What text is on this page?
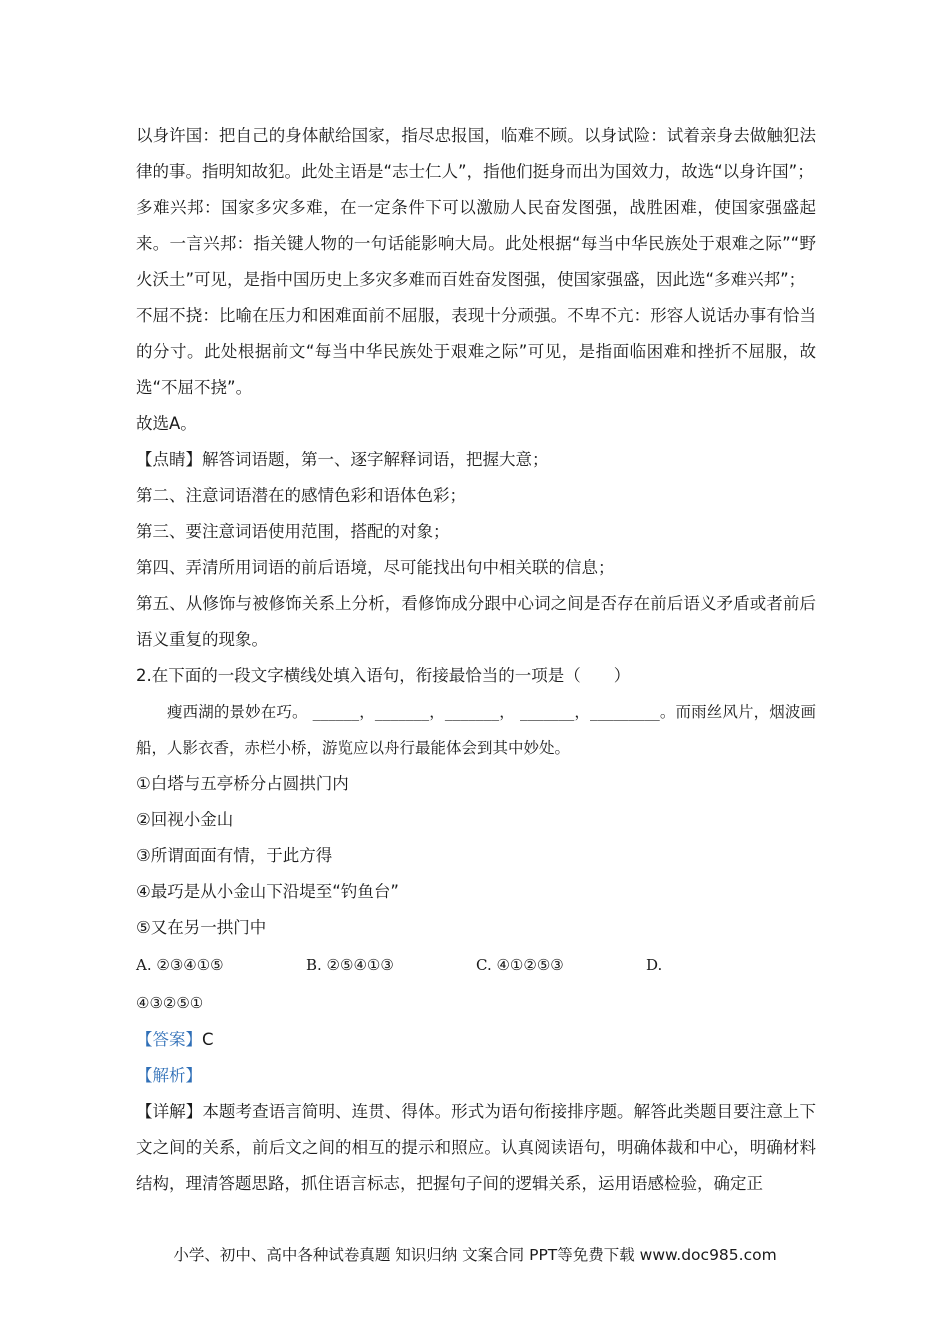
以身许国：把自己的身体献给国家，指尽忠报国，临难不顾。以身试险：试着亲身去做触犯法律的事。指明知故犯。此处主语是“志士仁人”，指他们挺身而出为国效力，故选“以身许国”；

多难兴邦：国家多灾多难，在一定条件下可以激励人民奋发图强，战胜困难，使国家强盛起来。一言兴邦：指关键人物的一句话能影响大局。此处根据“每当中华民族处于艰难之际”“野火沃土”可见，是指中国历史上多灾多难而百姓奋发图强，使国家强盛，因此选“多难兴邦”；

不屈不挠：比喻在压力和困难面前不屈服，表现十分顽强。不卑不亢：形容人说话办事有恰当的分寸。此处根据前文“每当中华民族处于艰难之际”可见，是指面临困难和挫折不屈服，故选“不屈不挠”。

故选A。

【点睛】解答词语题，第一、逐字解释词语，把握大意；

第二、注意词语潜在的感情色彩和语体色彩；

第三、要注意词语使用范围，搭配的对象；

第四、弄清所用词语的前后语境，尽可能找出句中相关联的信息；

第五、从修饰与被修饰关系上分析，看修饰成分跟中心词之间是否存在前后语义矛盾或者前后语义重复的现象。

2.在下面的一段文字横线处填入语句，衔接最恰当的一项是（　　）

瘦西湖的景妙在巧。 ______，_______，_______， _______，_________。而雨丝风片，烟波画船，人影衣香，赤栏小桥，游览应以舟行最能体会到其中妙处。

①白塔与五亭桥分占圆拱门内

②回视小金山

③所谓面面有情，于此方得

④最巧是从小金山下沿堤至“钓鱼台”

⑤又在另一拱门中

A. ②③④①⑤	B. ②⑤④①③	C. ④①②⑤③	D.
④③②⑤①

【答案】C

【解析】

【详解】本题考查语言简明、连贯、得体。形式为语句衔接排序题。解答此类题目要注意上下文之间的关系，前后文之间的相互的提示和照应。认真阅读语句，明确体裁和中心，明确材料结构，理清答题思路，抓住语言标志，把握句子间的逻辑关系，运用语感检验，确定正

小学、初中、高中各种试卷真题 知识归纳 文案合同 PPT等免费下载 www.doc985.com
